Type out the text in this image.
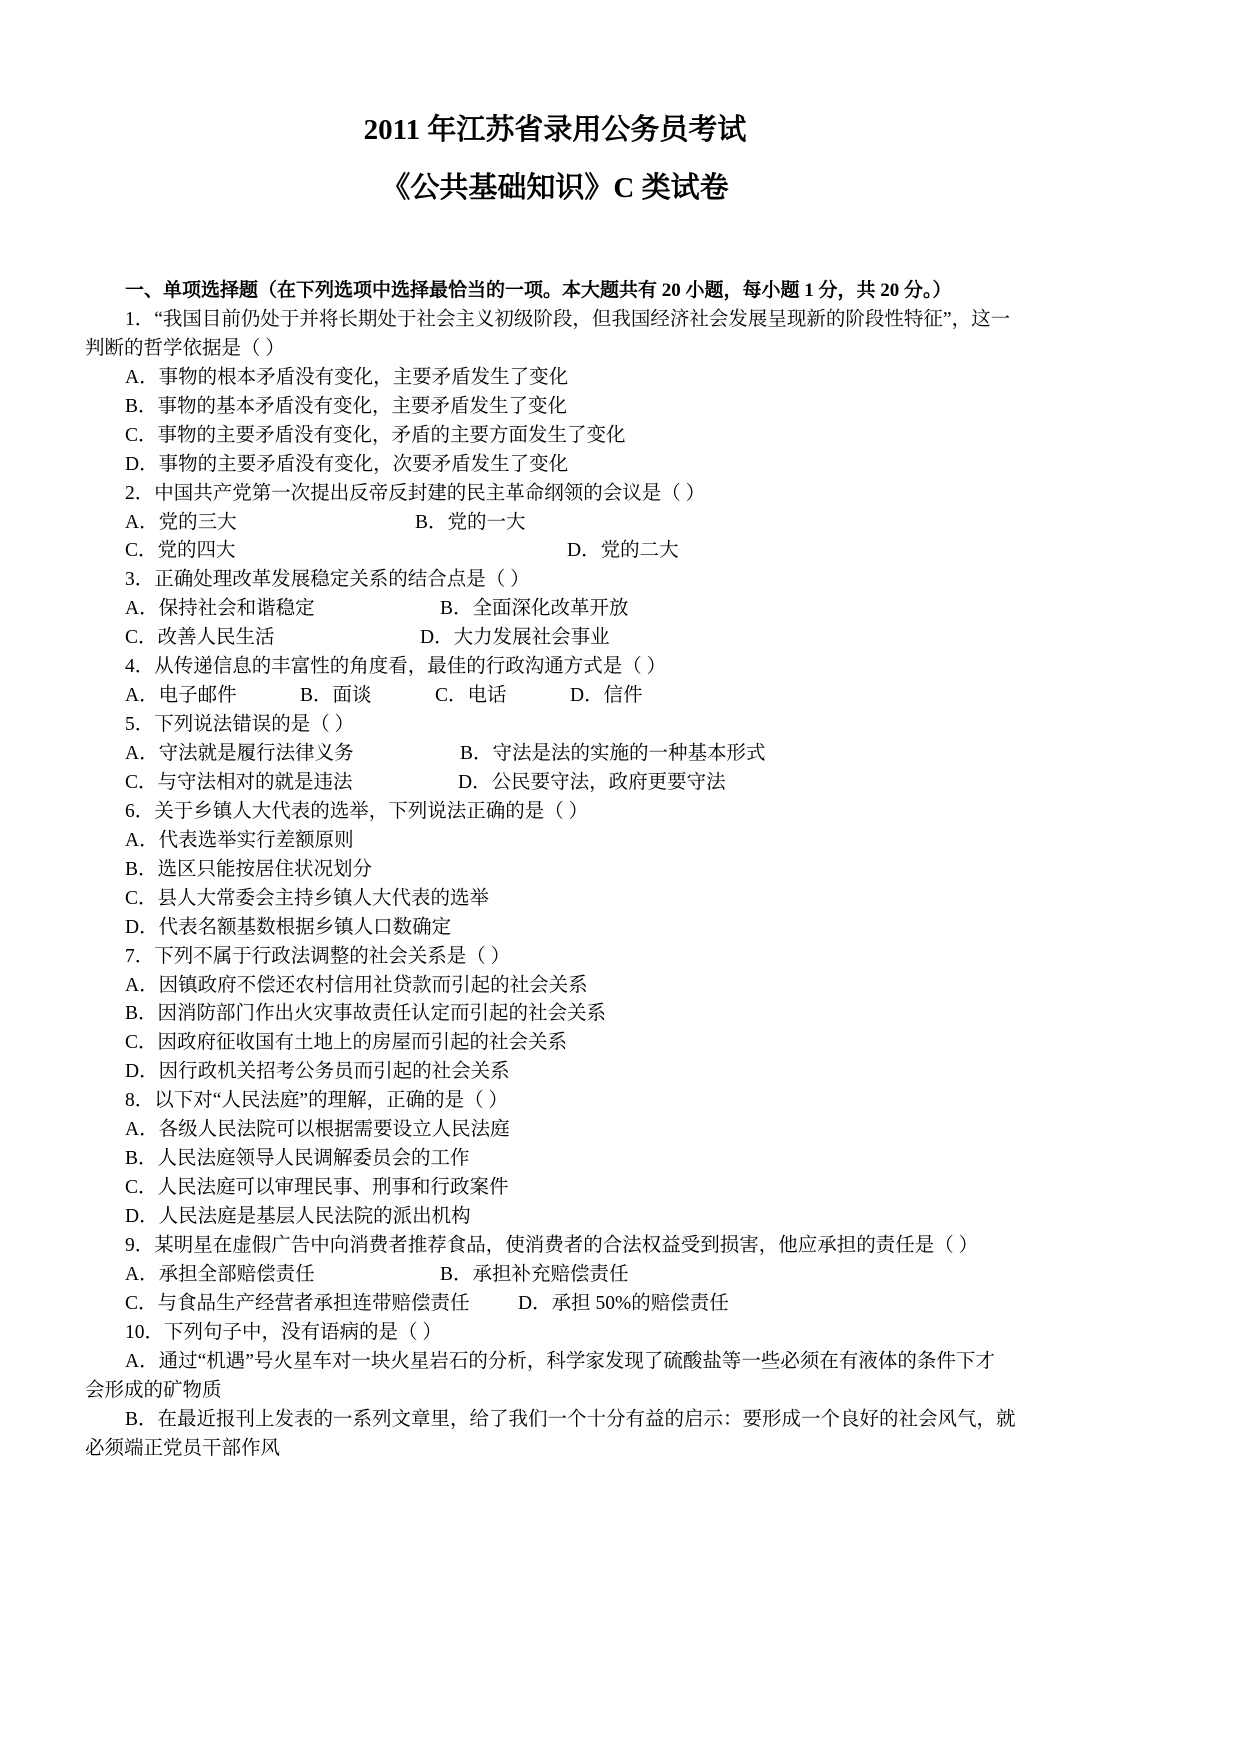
2011 年江苏省录用公务员考试
《公共基础知识》C 类试卷
一、单项选择题（在下列选项中选择最恰当的一项。本大题共有 20 小题，每小题 1 分，共 20 分。）
1．“我国目前仍处于并将长期处于社会主义初级阶段，但我国经济社会发展呈现新的阶段性特征”，这一
判断的哲学依据是（ ）
A．事物的根本矛盾没有变化，主要矛盾发生了变化
B．事物的基本矛盾没有变化，主要矛盾发生了变化
C．事物的主要矛盾没有变化，矛盾的主要方面发生了变化
D．事物的主要矛盾没有变化，次要矛盾发生了变化
2．中国共产党第一次提出反帝反封建的民主革命纲领的会议是（ ）
A．党的三大	B．党的一大
C．党的四大	D．党的二大
3．正确处理改革发展稳定关系的结合点是（ ）
A．保持社会和谐稳定	B．全面深化改革开放
C．改善人民生活	D．大力发展社会事业
4．从传递信息的丰富性的角度看，最佳的行政沟通方式是（ ）
A．电子邮件	B．面谈	C．电话	D．信件
5．下列说法错误的是（ ）
A．守法就是履行法律义务	B．守法是法的实施的一种基本形式
C．与守法相对的就是违法	D．公民要守法，政府更要守法
6．关于乡镇人大代表的选举，下列说法正确的是（ ）
A．代表选举实行差额原则
B．选区只能按居住状况划分
C．县人大常委会主持乡镇人大代表的选举
D．代表名额基数根据乡镇人口数确定
7．下列不属于行政法调整的社会关系是（ ）
A．因镇政府不偿还农村信用社贷款而引起的社会关系
B．因消防部门作出火灾事故责任认定而引起的社会关系
C．因政府征收国有土地上的房屋而引起的社会关系
D．因行政机关招考公务员而引起的社会关系
8．以下对“人民法庭”的理解，正确的是（ ）
A．各级人民法院可以根据需要设立人民法庭
B．人民法庭领导人民调解委员会的工作
C．人民法庭可以审理民事、刑事和行政案件
D．人民法庭是基层人民法院的派出机构
9．某明星在虚假广告中向消费者推荐食品，使消费者的合法权益受到损害，他应承担的责任是（ ）
A．承担全部赔偿责任	B．承担补充赔偿责任
C．与食品生产经营者承担连带赔偿责任 D．承担 50%的赔偿责任
10．下列句子中，没有语病的是（ ）
A．通过“机遇”号火星车对一块火星岩石的分析，科学家发现了硫酸盐等一些必须在有液体的条件下才
会形成的矿物质
B．在最近报刊上发表的一系列文章里，给了我们一个十分有益的启示：要形成一个良好的社会风气，就
必须端正党员干部作风
